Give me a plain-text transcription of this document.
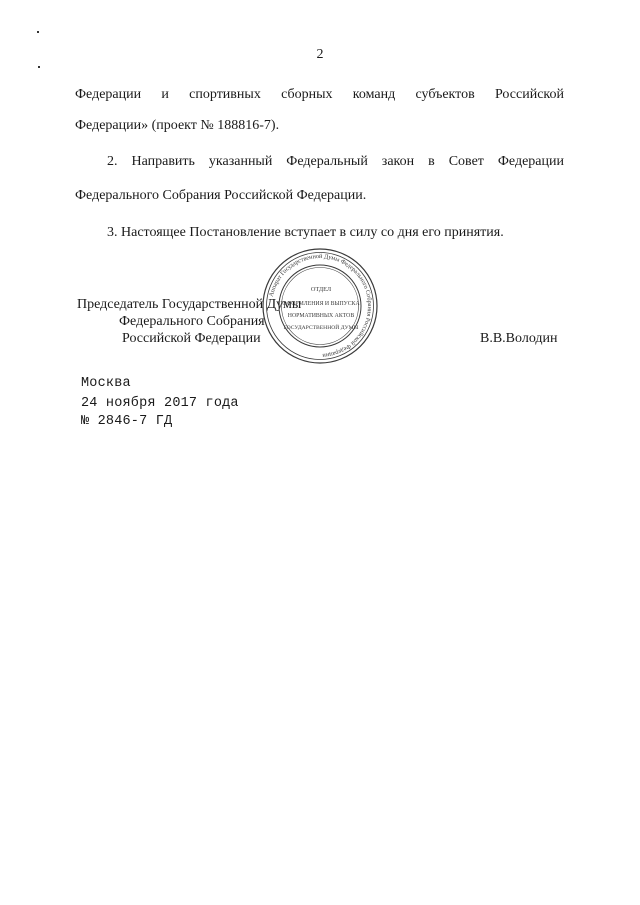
2
Федерации и спортивных сборных команд субъектов Российской
Федерации» (проект № 188816-7).
2. Направить указанный Федеральный закон в Совет Федерации
Федерального Собрания Российской Федерации.
3. Настоящее Постановление вступает в силу со дня его принятия.
Председатель Государственной Думы
Федерального Собрания
Российской Федерации	В.В.Володин
Аппарат Государственной Думы Федерального Собрания Российской Федерации
ОТДЕЛ
ОФОРМЛЕНИЯ И ВЫПУСКА
НОРМАТИВНЫХ АКТОВ
ГОСУДАРСТВЕННОЙ ДУМЫ
Москва
24 ноября 2017 года
№ 2846-7 ГД
